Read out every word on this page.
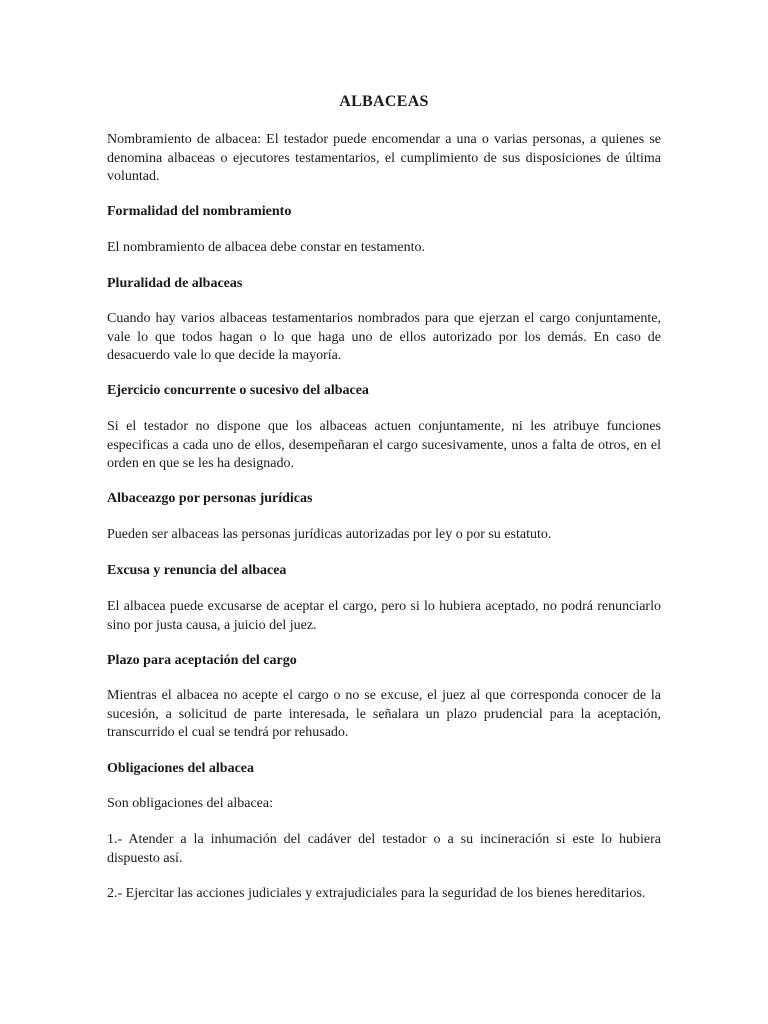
ALBACEAS

Nombramiento de albacea: El testador puede encomendar a una o varias personas, a quienes se denomina albaceas o ejecutores testamentarios, el cumplimiento de sus disposiciones de última voluntad.

Formalidad del nombramiento

El nombramiento de albacea debe constar en testamento.

Pluralidad de albaceas

Cuando hay varios albaceas testamentarios nombrados para que ejerzan el cargo conjuntamente, vale lo que todos hagan o lo que haga uno de ellos autorizado por los demás. En caso de desacuerdo vale lo que decide la mayoría.

Ejercicio concurrente o sucesivo del albacea

Si el testador no dispone que los albaceas actuen conjuntamente, ni les atribuye funciones especificas a cada uno de ellos, desempeñaran el cargo sucesivamente, unos a falta de otros, en el orden en que se les ha designado.

Albaceazgo por personas jurídicas

Pueden ser albaceas las personas jurídicas autorizadas por ley o por su estatuto.

Excusa y renuncia del albacea

El albacea puede excusarse de aceptar el cargo, pero si lo hubiera aceptado, no podrá renunciarlo sino por justa causa, a juicio del juez.

Plazo para aceptación del cargo

Mientras el albacea no acepte el cargo o no se excuse, el juez al que corresponda conocer de la sucesión, a solicitud de parte interesada, le señalara un plazo prudencial para la aceptación, transcurrido el cual se tendrá por rehusado.

Obligaciones del albacea

Son obligaciones del albacea:

1.- Atender a la inhumación del cadáver del testador o a su incineración si este lo hubiera dispuesto así.

2.- Ejercitar las acciones judiciales y extrajudiciales para la seguridad de los bienes hereditarios.
